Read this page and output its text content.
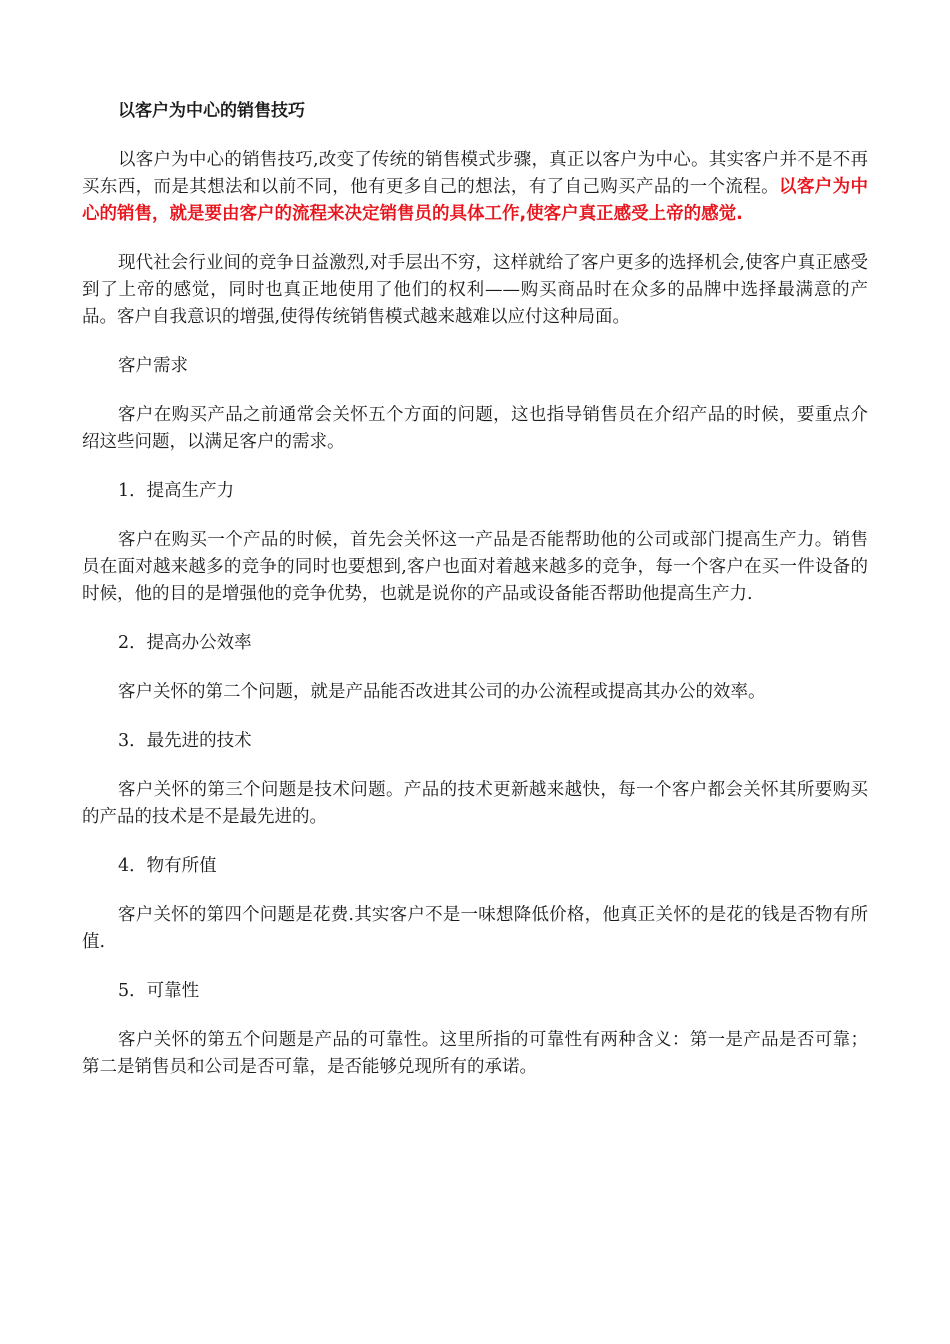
以客户为中心的销售技巧

以客户为中心的销售技巧,改变了传统的销售模式步骤，真正以客户为中心。其实客户并不是不再买东西，而是其想法和以前不同，他有更多自己的想法，有了自己购买产品的一个流程。以客户为中心的销售，就是要由客户的流程来决定销售员的具体工作,使客户真正感受上帝的感觉.

现代社会行业间的竞争日益激烈,对手层出不穷，这样就给了客户更多的选择机会,使客户真正感受到了上帝的感觉，同时也真正地使用了他们的权利——购买商品时在众多的品牌中选择最满意的产品。客户自我意识的增强,使得传统销售模式越来越难以应付这种局面。

客户需求

客户在购买产品之前通常会关怀五个方面的问题，这也指导销售员在介绍产品的时候，要重点介绍这些问题，以满足客户的需求。

1．提高生产力

客户在购买一个产品的时候，首先会关怀这一产品是否能帮助他的公司或部门提高生产力。销售员在面对越来越多的竞争的同时也要想到,客户也面对着越来越多的竞争，每一个客户在买一件设备的时候，他的目的是增强他的竞争优势，也就是说你的产品或设备能否帮助他提高生产力.

2．提高办公效率

客户关怀的第二个问题，就是产品能否改进其公司的办公流程或提高其办公的效率。

3．最先进的技术

客户关怀的第三个问题是技术问题。产品的技术更新越来越快，每一个客户都会关怀其所要购买的产品的技术是不是最先进的。

4．物有所值

客户关怀的第四个问题是花费.其实客户不是一味想降低价格，他真正关怀的是花的钱是否物有所值.

5．可靠性

客户关怀的第五个问题是产品的可靠性。这里所指的可靠性有两种含义：第一是产品是否可靠；第二是销售员和公司是否可靠，是否能够兑现所有的承诺。
